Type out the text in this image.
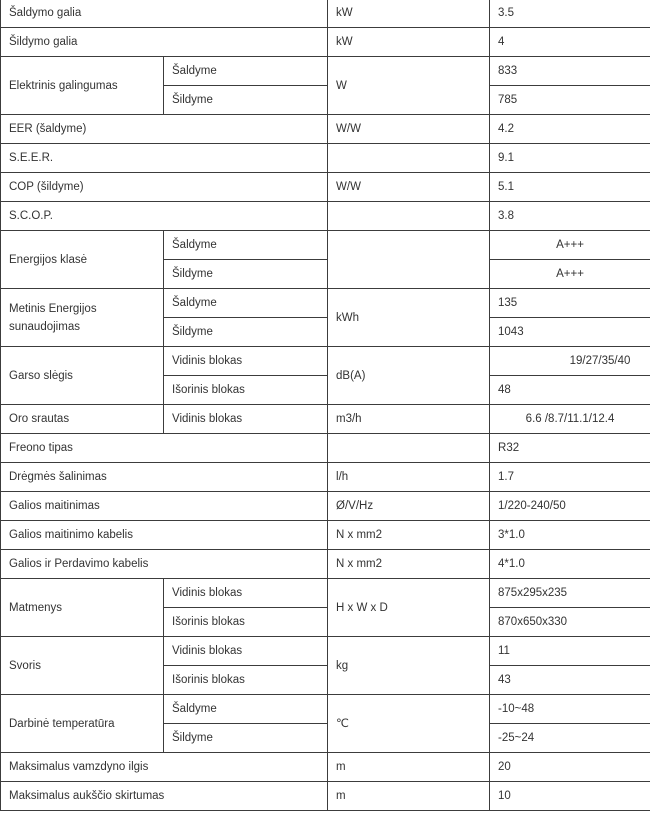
Šaldymo galia		kW	3.5
Šildymo galia		kW	4
Elektrinis galingumas	Šaldyme	W	833
	Šildyme		785
EER (šaldyme)		W/W	4.2
S.E.E.R.			9.1
COP (šildyme)		W/W	5.1
S.C.O.P.			3.8
Energijos klasė	Šaldyme		A+++
	Šildyme		A+++
Metinis Energijos sunaudojimas	Šaldyme	kWh	135
	Šildyme		1043
Garso slėgis	Vidinis blokas	dB(A)	19/27/35/40
	Išorinis blokas		48
Oro srautas	Vidinis blokas	m3/h	6.6 /8.7/11.1/12.4
Freono tipas			R32
Drėgmės šalinimas		l/h	1.7
Galios maitinimas		Ø/V/Hz	1/220-240/50
Galios maitinimo kabelis		N x mm2	3*1.0
Galios ir Perdavimo kabelis		N x mm2	4*1.0
Matmenys	Vidinis blokas	H x W x D	875x295x235
	Išorinis blokas		870x650x330
Svoris	Vidinis blokas	kg	11
	Išorinis blokas		43
Darbinė temperatūra	Šaldyme	℃	-10~48
	Šildyme		-25~24
Maksimalus vamzdyno ilgis		m	20
Maksimalus aukščio skirtumas		m	10
